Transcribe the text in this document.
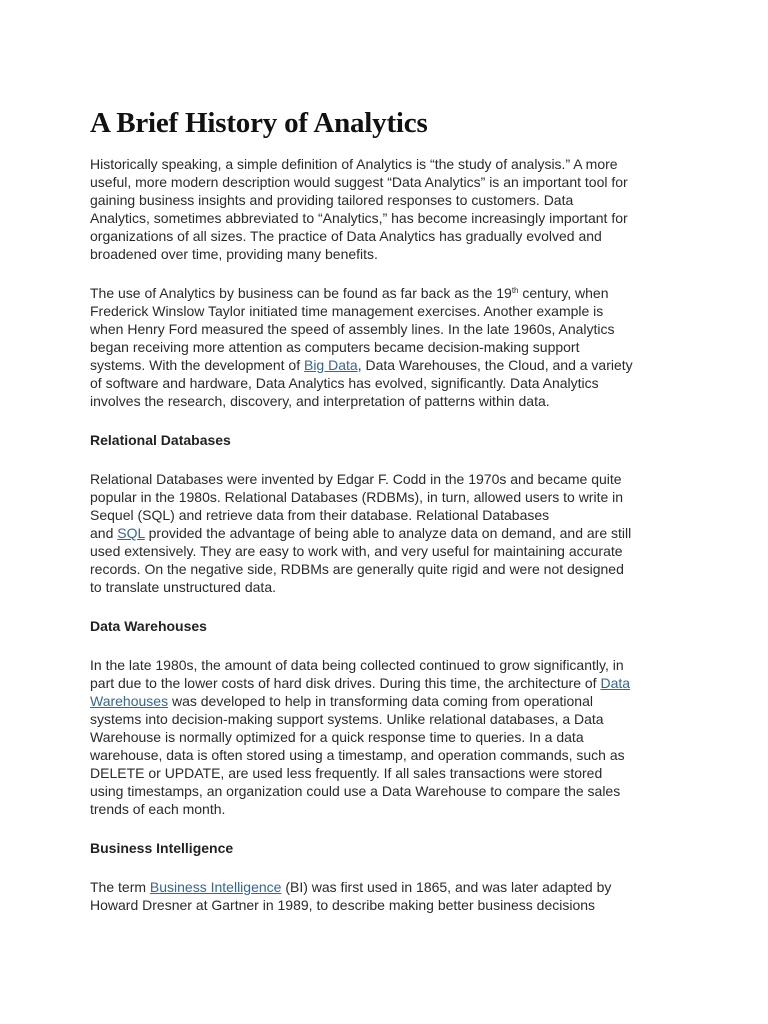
A Brief History of Analytics

Historically speaking, a simple definition of Analytics is “the study of analysis.” A more
useful, more modern description would suggest “Data Analytics” is an important tool for
gaining business insights and providing tailored responses to customers. Data
Analytics, sometimes abbreviated to “Analytics,” has become increasingly important for
organizations of all sizes. The practice of Data Analytics has gradually evolved and
broadened over time, providing many benefits.

The use of Analytics by business can be found as far back as the 19th century, when
Frederick Winslow Taylor initiated time management exercises. Another example is
when Henry Ford measured the speed of assembly lines. In the late 1960s, Analytics
began receiving more attention as computers became decision-making support
systems. With the development of Big Data, Data Warehouses, the Cloud, and a variety
of software and hardware, Data Analytics has evolved, significantly. Data Analytics
involves the research, discovery, and interpretation of patterns within data.

Relational Databases

Relational Databases were invented by Edgar F. Codd in the 1970s and became quite
popular in the 1980s. Relational Databases (RDBMs), in turn, allowed users to write in
Sequel (SQL) and retrieve data from their database. Relational Databases
and SQL provided the advantage of being able to analyze data on demand, and are still
used extensively. They are easy to work with, and very useful for maintaining accurate
records. On the negative side, RDBMs are generally quite rigid and were not designed
to translate unstructured data.

Data Warehouses

In the late 1980s, the amount of data being collected continued to grow significantly, in
part due to the lower costs of hard disk drives. During this time, the architecture of Data
Warehouses was developed to help in transforming data coming from operational
systems into decision-making support systems. Unlike relational databases, a Data
Warehouse is normally optimized for a quick response time to queries. In a data
warehouse, data is often stored using a timestamp, and operation commands, such as
DELETE or UPDATE, are used less frequently. If all sales transactions were stored
using timestamps, an organization could use a Data Warehouse to compare the sales
trends of each month.

Business Intelligence

The term Business Intelligence (BI) was first used in 1865, and was later adapted by
Howard Dresner at Gartner in 1989, to describe making better business decisions
